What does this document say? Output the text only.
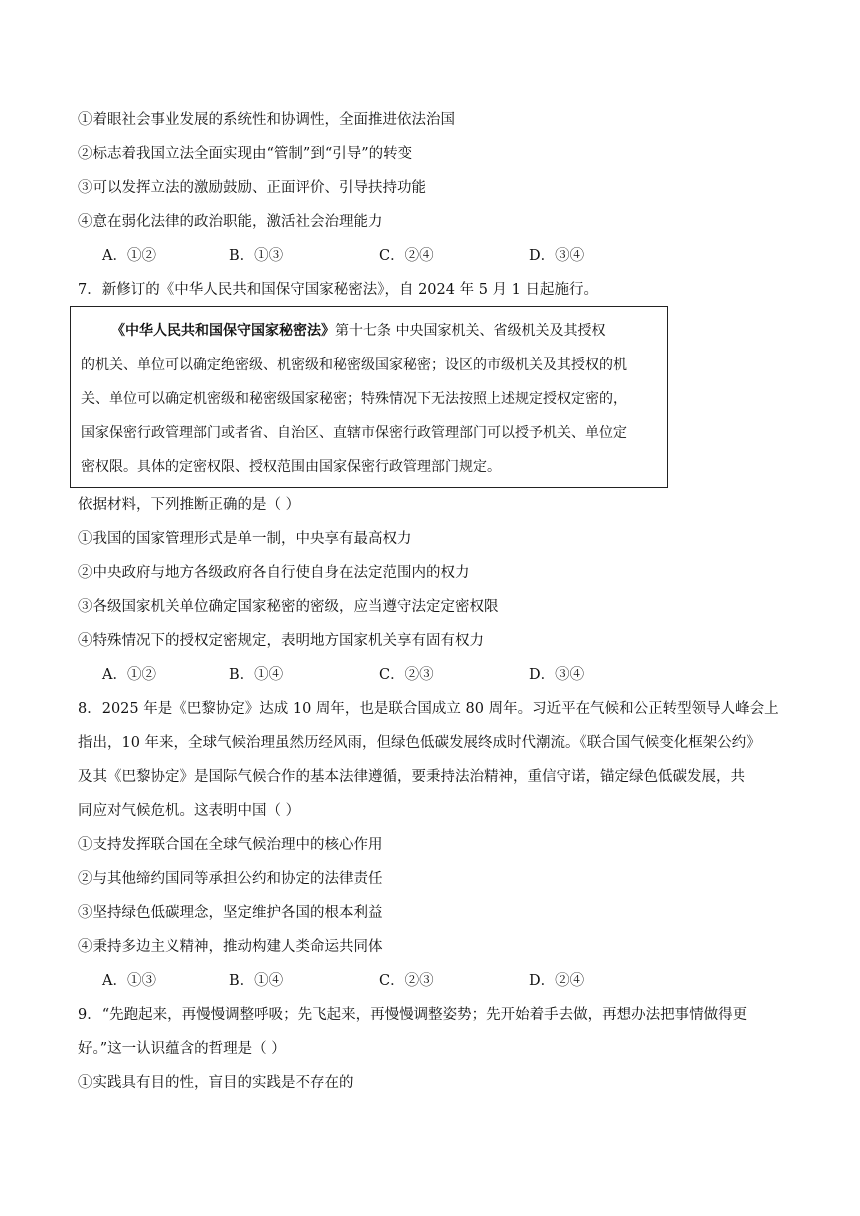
①着眼社会事业发展的系统性和协调性，全面推进依法治国
②标志着我国立法全面实现由“管制”到“引导”的转变
③可以发挥立法的激励鼓励、正面评价、引导扶持功能
④意在弱化法律的政治职能，激活社会治理能力
A．①②	B．①③	C．②④	D．③④
7．新修订的《中华人民共和国保守国家秘密法》，自 2024 年 5 月 1 日起施行。
《中华人民共和国保守国家秘密法》第十七条 中央国家机关、省级机关及其授权
的机关、单位可以确定绝密级、机密级和秘密级国家秘密；设区的市级机关及其授权的机
关、单位可以确定机密级和秘密级国家秘密；特殊情况下无法按照上述规定授权定密的，
国家保密行政管理部门或者省、自治区、直辖市保密行政管理部门可以授予机关、单位定
密权限。具体的定密权限、授权范围由国家保密行政管理部门规定。
依据材料，下列推断正确的是（ ）
①我国的国家管理形式是单一制，中央享有最高权力
②中央政府与地方各级政府各自行使自身在法定范围内的权力
③各级国家机关单位确定国家秘密的密级，应当遵守法定定密权限
④特殊情况下的授权定密规定，表明地方国家机关享有固有权力
A．①②	B．①④	C．②③	D．③④
8．2025 年是《巴黎协定》达成 10 周年，也是联合国成立 80 周年。习近平在气候和公正转型领导人峰会上
指出，10 年来，全球气候治理虽然历经风雨，但绿色低碳发展终成时代潮流。《联合国气候变化框架公约》
及其《巴黎协定》是国际气候合作的基本法律遵循，要秉持法治精神，重信守诺，锚定绿色低碳发展，共
同应对气候危机。这表明中国（ ）
①支持发挥联合国在全球气候治理中的核心作用
②与其他缔约国同等承担公约和协定的法律责任
③坚持绿色低碳理念，坚定维护各国的根本利益
④秉持多边主义精神，推动构建人类命运共同体
A．①③	B．①④	C．②③	D．②④
9．“先跑起来，再慢慢调整呼吸；先飞起来，再慢慢调整姿势；先开始着手去做，再想办法把事情做得更
好。”这一认识蕴含的哲理是（ ）
①实践具有目的性，盲目的实践是不存在的
